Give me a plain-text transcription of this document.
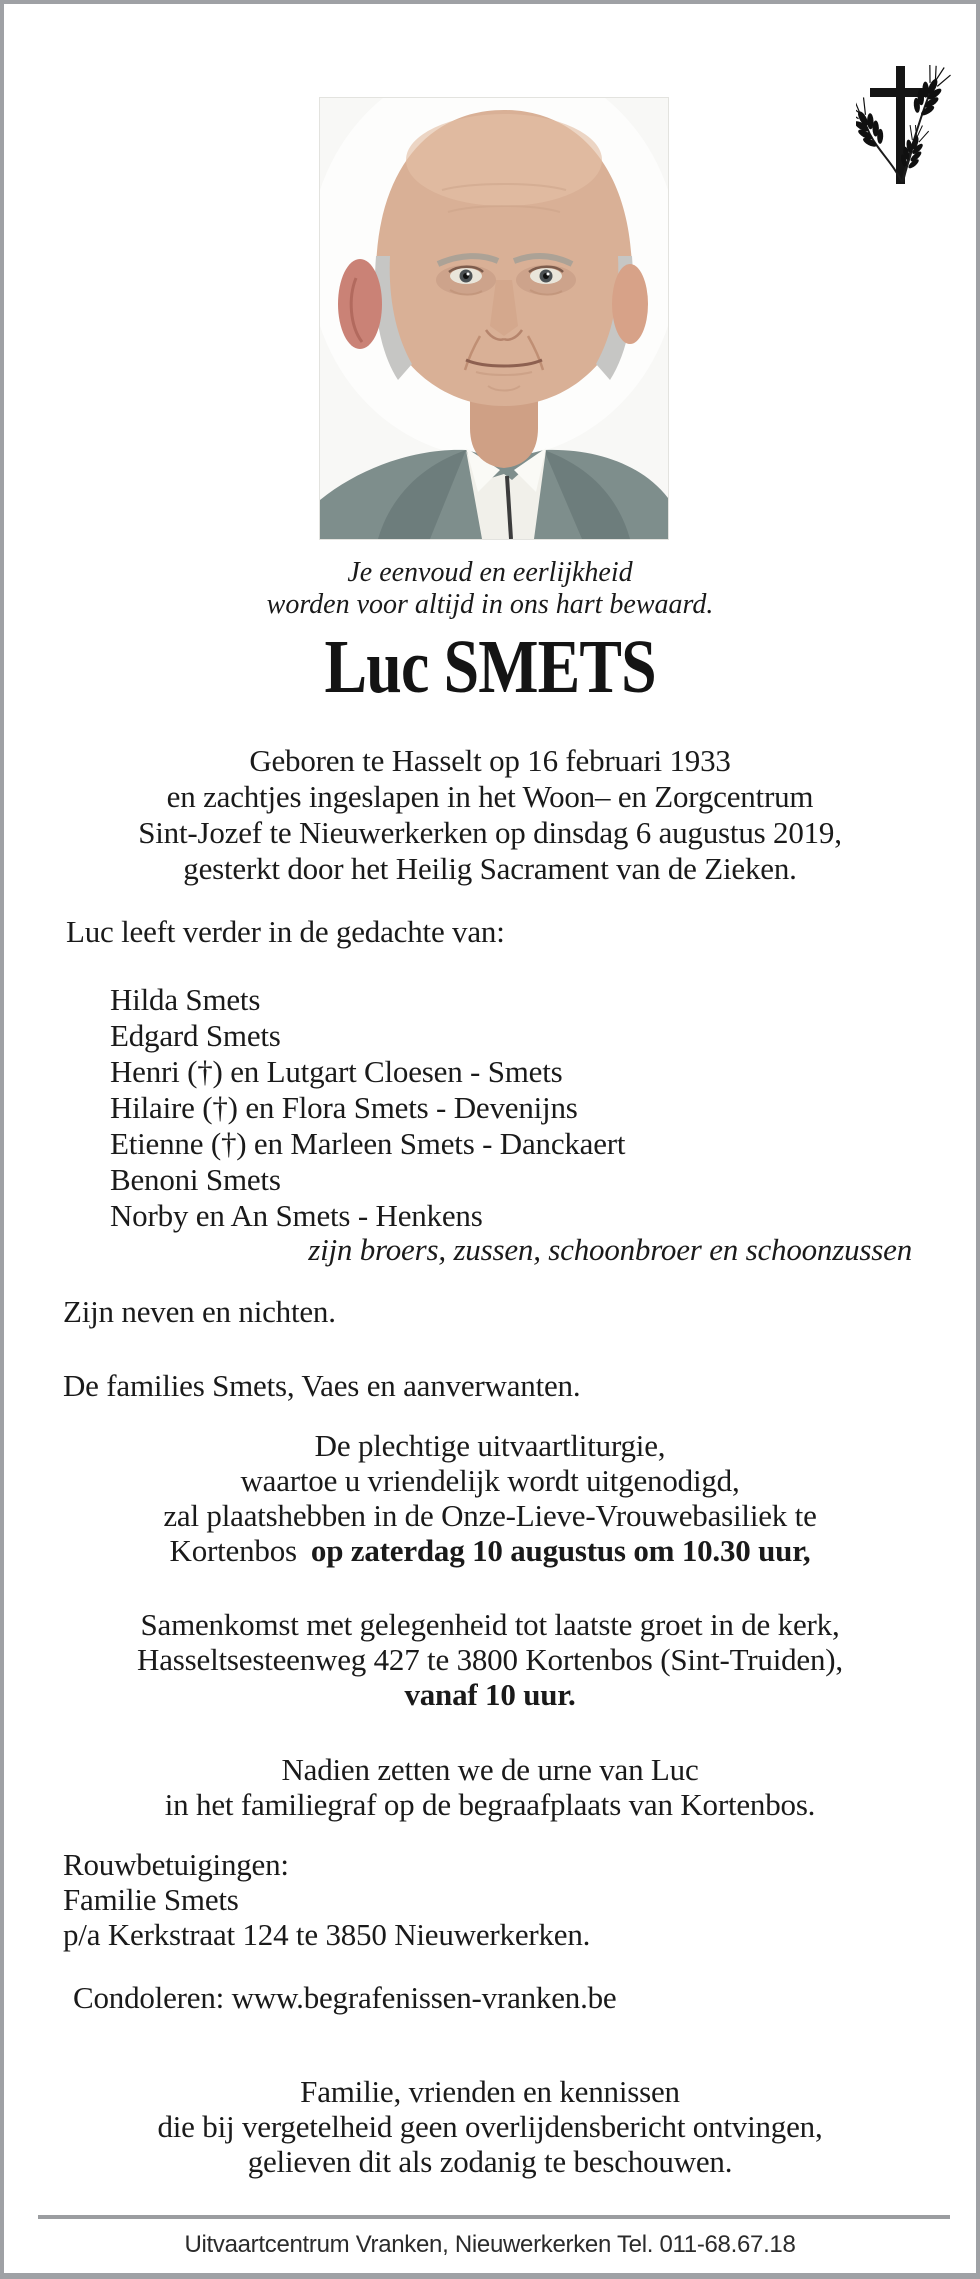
Je eenvoud en eerlijkheid
worden voor altijd in ons hart bewaard.
Luc SMETS
Geboren te Hasselt op 16 februari 1933
en zachtjes ingeslapen in het Woon– en Zorgcentrum
Sint-Jozef te Nieuwerkerken op dinsdag 6 augustus 2019,
gesterkt door het Heilig Sacrament van de Zieken.
Luc leeft verder in de gedachte van:
Hilda Smets
Edgard Smets
Henri (†) en Lutgart Cloesen - Smets
Hilaire (†) en Flora Smets - Devenijns
Etienne (†) en Marleen Smets - Danckaert
Benoni Smets
Norby en An Smets - Henkens
zijn broers, zussen, schoonbroer en schoonzussen
Zijn neven en nichten.
De families Smets, Vaes en aanverwanten.
De plechtige uitvaartliturgie,
waartoe u vriendelijk wordt uitgenodigd,
zal plaatshebben in de Onze-Lieve-Vrouwebasiliek te
Kortenbos op zaterdag 10 augustus om 10.30 uur,
Samenkomst met gelegenheid tot laatste groet in de kerk,
Hasseltsesteenweg 427 te 3800 Kortenbos (Sint-Truiden),
vanaf 10 uur.
Nadien zetten we de urne van Luc
in het familiegraf op de begraafplaats van Kortenbos.
Rouwbetuigingen:
Familie Smets
p/a Kerkstraat 124 te 3850 Nieuwerkerken.
Condoleren: www.begrafenissen-vranken.be
Familie, vrienden en kennissen
die bij vergetelheid geen overlijdensbericht ontvingen,
gelieven dit als zodanig te beschouwen.
Uitvaartcentrum Vranken, Nieuwerkerken Tel. 011-68.67.18
